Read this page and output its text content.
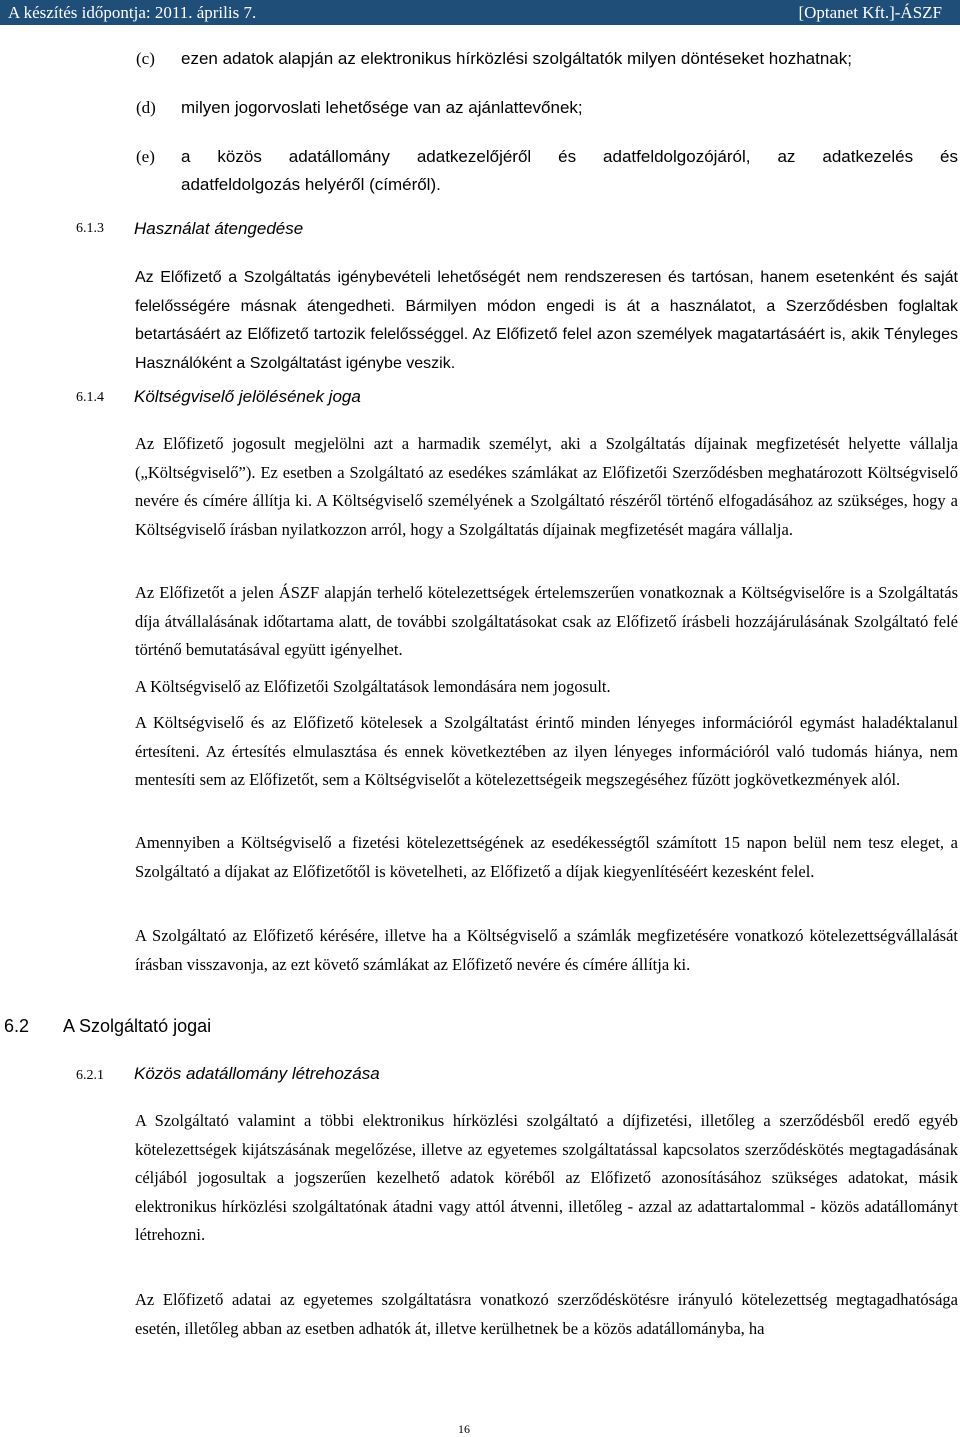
A készítés időpontja: 2011. április 7.	[Optanet Kft.]-ÁSZF
(c)	ezen adatok alapján az elektronikus hírközlési szolgáltatók milyen döntéseket hozhatnak;
(d)	milyen jogorvoslati lehetősége van az ajánlattevőnek;
(e)	a közös adatállomány adatkezelőjéről és adatfeldolgozójáról, az adatkezelés és
adatfeldolgozás helyéről (címéről).
6.1.3 Használat átengedése
Az Előfizető a Szolgáltatás igénybevételi lehetőségét nem rendszeresen és tartósan, hanem esetenként és saját felelősségére másnak átengedheti. Bármilyen módon engedi is át a használatot, a Szerződésben foglaltak betartásáért az Előfizető tartozik felelősséggel. Az Előfizető felel azon személyek magatartásáért is, akik Tényleges Használóként a Szolgáltatást igénybe veszik.
6.1.4 Költségviselő jelölésének joga
Az Előfizető jogosult megjelölni azt a harmadik személyt, aki a Szolgáltatás díjainak megfizetését helyette vállalja („Költségviselő”). Ez esetben a Szolgáltató az esedékes számlákat az Előfizetői Szerződésben meghatározott Költségviselő nevére és címére állítja ki. A Költségviselő személyének a Szolgáltató részéről történő elfogadásához az szükséges, hogy a Költségviselő írásban nyilatkozzon arról, hogy a Szolgáltatás díjainak megfizetését magára vállalja.
Az Előfizetőt a jelen ÁSZF alapján terhelő kötelezettségek értelemszerűen vonatkoznak a Költségviselőre is a Szolgáltatás díja átvállalásának időtartama alatt, de további szolgáltatásokat csak az Előfizető írásbeli hozzájárulásának Szolgáltató felé történő bemutatásával együtt igényelhet.
A Költségviselő az Előfizetői Szolgáltatások lemondására nem jogosult.
A Költségviselő és az Előfizető kötelesek a Szolgáltatást érintő minden lényeges információról egymást haladéktalanul értesíteni. Az értesítés elmulasztása és ennek következtében az ilyen lényeges információról való tudomás hiánya, nem mentesíti sem az Előfizetőt, sem a Költségviselőt a kötelezettségeik megszegéséhez fűzött jogkövetkezmények alól.
Amennyiben a Költségviselő a fizetési kötelezettségének az esedékességtől számított 15 napon belül nem tesz eleget, a Szolgáltató a díjakat az Előfizetőtől is követelheti, az Előfizető a díjak kiegyenlítéséért kezesként felel.
A Szolgáltató az Előfizető kérésére, illetve ha a Költségviselő a számlák megfizetésére vonatkozó kötelezettségvállalását írásban visszavonja, az ezt követő számlákat az Előfizető nevére és címére állítja ki.
6.2 A Szolgáltató jogai
6.2.1 Közös adatállomány létrehozása
A Szolgáltató valamint a többi elektronikus hírközlési szolgáltató a díjfizetési, illetőleg a szerződésből eredő egyéb kötelezettségek kijátszásának megelőzése, illetve az egyetemes szolgáltatással kapcsolatos szerződéskötés megtagadásának céljából jogosultak a jogszerűen kezelhető adatok köréből az Előfizető azonosításához szükséges adatokat, másik elektronikus hírközlési szolgáltatónak átadni vagy attól átvenni, illetőleg - azzal az adattartalommal - közös adatállományt létrehozni.
Az Előfizető adatai az egyetemes szolgáltatásra vonatkozó szerződéskötésre irányuló kötelezettség megtagadhatósága esetén, illetőleg abban az esetben adhatók át, illetve kerülhetnek be a közös adatállományba, ha
16
